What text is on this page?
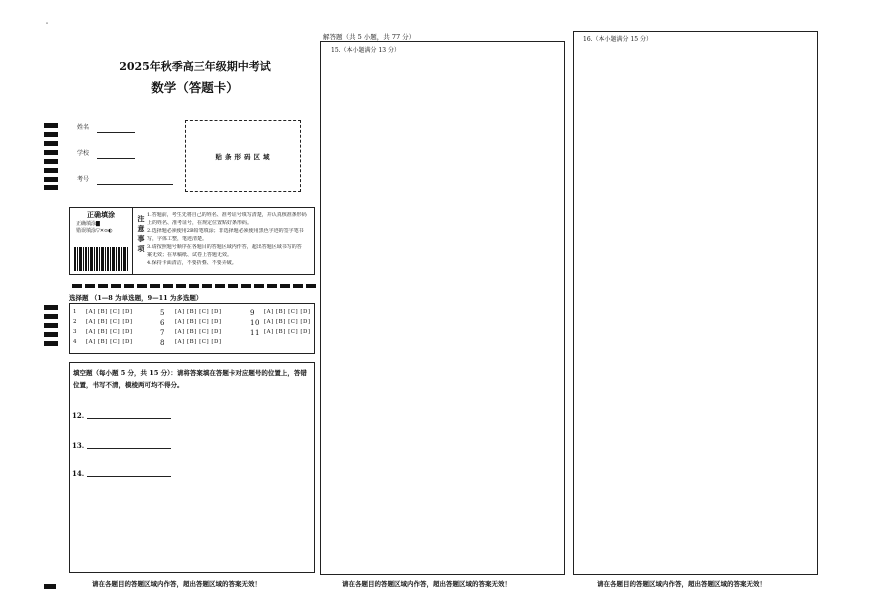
"
2025年秋季高三年级期中考试
数学（答题卡）
姓名
学校
考号
贴条形码区域
正确填涂
正确填涂▇
错误填涂▽✕⊙◐
注意事项
1.答题前，考生先将自己的姓名、准考证号填写清楚，并认真核准条形码
上的姓名、准考证号，在规定位置贴好条形码。
2.选择题必须使用2B铅笔填涂；非选择题必须使用黑色字迹的签字笔书
写，字体工整，笔迹清楚。
3.请按照题号顺序在各题目的答题区域内作答，超出答题区域书写的答
案无效；在草稿纸、试卷上答题无效。
4.保持卡面清洁，不要折叠、不要弄破。
选择题 （1—8 为单选题，9—11 为多选题）
1 [A] [B] [C] [D]
2 [A] [B] [C] [D]
3 [A] [B] [C] [D]
4 [A] [B] [C] [D]
5 [A] [B] [C] [D]
6 [A] [B] [C] [D]
7 [A] [B] [C] [D]
8 [A] [B] [C] [D]
9 [A] [B] [C] [D]
10 [A] [B] [C] [D]
11 [A] [B] [C] [D]
填空题（每小题 5 分，共 15 分）：请将答案填在答题卡对应题号的位置上，答错位置，书写不清，模棱两可均不得分。
12.
13.
14.
解答题（共 5 小题，共 77 分）
15.（本小题满分 13 分）
16.（本小题满分 15 分）
请在各题目的答题区域内作答，超出答题区域的答案无效！	请在各题目的答题区域内作答，超出答题区域的答案无效！	请在各题目的答题区域内作答，超出答题区域的答案无效！
